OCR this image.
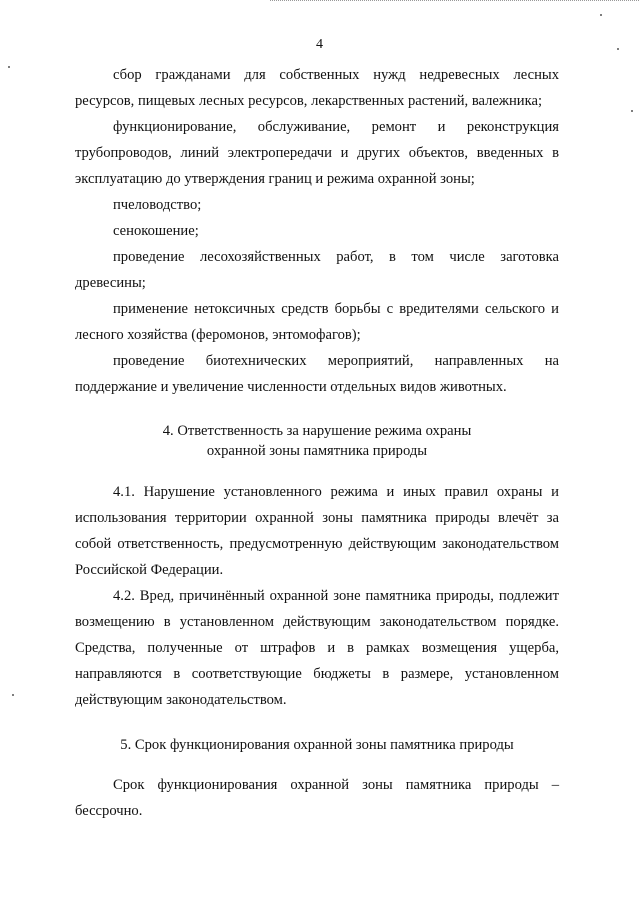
4

сбор гражданами для собственных нужд недревесных лесных ресурсов, пищевых лесных ресурсов, лекарственных растений, валежника;

функционирование, обслуживание, ремонт и реконструкция трубопроводов, линий электропередачи и других объектов, введенных в эксплуатацию до утверждения границ и режима охранной зоны;

пчеловодство;

сенокошение;

проведение лесохозяйственных работ, в том числе заготовка древесины;

применение нетоксичных средств борьбы с вредителями сельского и лесного хозяйства (феромонов, энтомофагов);

проведение биотехнических мероприятий, направленных на поддержание и увеличение численности отдельных видов животных.

4. Ответственность за нарушение режима охраны

охранной зоны памятника природы

4.1. Нарушение установленного режима и иных правил охраны и использования территории охранной зоны памятника природы влечёт за собой ответственность, предусмотренную действующим законодательством Российской Федерации.

4.2. Вред, причинённый охранной зоне памятника природы, подлежит возмещению в установленном действующим законодательством порядке. Средства, полученные от штрафов и в рамках возмещения ущерба, направляются в соответствующие бюджеты в размере, установленном действующим законодательством.

5. Срок функционирования охранной зоны памятника природы

Срок функционирования охранной зоны памятника природы – бессрочно.
